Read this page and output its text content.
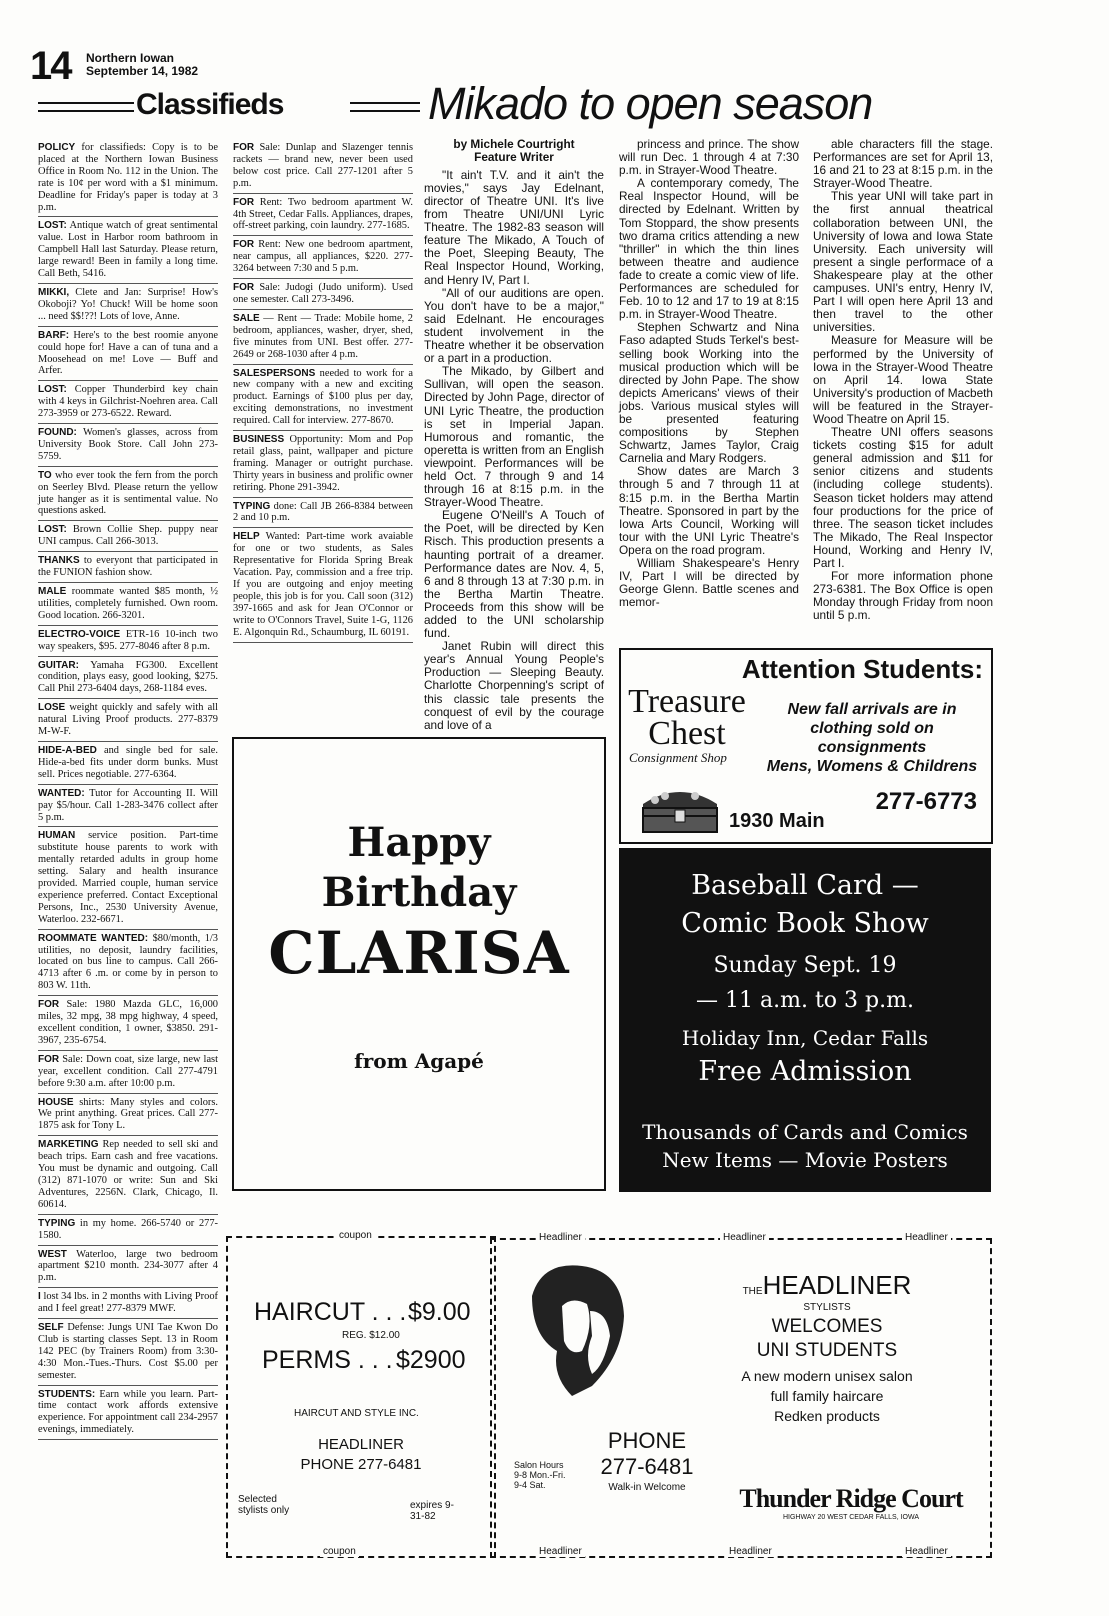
14 Northern Iowan
September 14, 1982
Classifieds	Mikado to open season
POLICY for classifieds: Copy is to be placed at the Northern Iowan Business Office in Room No. 112 in the Union. The rate is 10¢ per word with a $1 minimum. Deadline for Friday's paper is today at 3 p.m.
LOST: Antique watch of great sentimental value. Lost in Harbor room bathroom in Campbell Hall last Saturday. Please return, large reward! Been in family a long time. Call Beth, 5416.
MIKKI, Clete and Jan: Surprise! How's Okoboji? Yo! Chuck! Will be home soon ... need $$!??! Lots of love, Anne.
BARF: Here's to the best roomie anyone could hope for! Have a can of tuna and a Moosehead on me! Love — Buff and Arfer.
LOST: Copper Thunderbird key chain with 4 keys in Gilchrist-Noehren area. Call 273-3959 or 273-6522. Reward.
FOUND: Women's glasses, across from University Book Store. Call John 273-5759.
TO who ever took the fern from the porch on Seerley Blvd. Please return the yellow jute hanger as it is sentimental value. No questions asked.
LOST: Brown Collie Shep. puppy near UNI campus. Call 266-3013.
THANKS to everyont that participated in the FUNION fashion show.
MALE roommate wanted $85 month, ½ utilities, completely furnished. Own room. Good location. 266-3201.
ELECTRO-VOICE ETR-16 10-inch two way speakers, $95. 277-8046 after 8 p.m.
GUITAR: Yamaha FG300. Excellent condition, plays easy, good looking, $275. Call Phil 273-6404 days, 268-1184 eves.
LOSE weight quickly and safely with all natural Living Proof products. 277-8379 M-W-F.
HIDE-A-BED and single bed for sale. Hide-a-bed fits under dorm bunks. Must sell. Prices negotiable. 277-6364.
WANTED: Tutor for Accounting II. Will pay $5/hour. Call 1-283-3476 collect after 5 p.m.
HUMAN service position. Part-time substitute house parents to work with mentally retarded adults in group home setting. Salary and health insurance provided. Married couple, human service experience preferred. Contact Exceptional Persons, Inc., 2530 University Avenue, Waterloo. 232-6671.
ROOMMATE WANTED: $80/month, 1/3 utilities, no deposit, laundry facilities, located on bus line to campus. Call 266-4713 after 6 .m. or come by in person to 803 W. 11th.
FOR Sale: 1980 Mazda GLC, 16,000 miles, 32 mpg, 38 mpg highway, 4 speed, excellent condition, 1 owner, $3850. 291-3967, 235-6754.
FOR Sale: Down coat, size large, new last year, excellent condition. Call 277-4791 before 9:30 a.m. after 10:00 p.m.
HOUSE shirts: Many styles and colors. We print anything. Great prices. Call 277-1875 ask for Tony L.
MARKETING Rep needed to sell ski and beach trips. Earn cash and free vacations. You must be dynamic and outgoing. Call (312) 871-1070 or write: Sun and Ski Adventures, 2256N. Clark, Chicago, Il. 60614.
TYPING in my home. 266-5740 or 277-1580.
WEST Waterloo, large two bedroom apartment $210 month. 234-3077 after 4 p.m.
I lost 34 lbs. in 2 months with Living Proof and I feel great! 277-8379 MWF.
SELF Defense: Jungs UNI Tae Kwon Do Club is starting classes Sept. 13 in Room 142 PEC (by Trainers Room) from 3:30-4:30 Mon.-Tues.-Thurs. Cost $5.00 per semester.
STUDENTS: Earn while you learn. Part-time contact work affords extensive experience. For appointment call 234-2957 evenings, immediately.
FOR Sale: Dunlap and Slazenger tennis rackets — brand new, never been used below cost price. Call 277-1201 after 5 p.m.
FOR Rent: Two bedroom apartment W. 4th Street, Cedar Falls. Appliances, drapes, off-street parking, coin laundry. 277-1685.
FOR Rent: New one bedroom apartment, near campus, all appliances, $220. 277-3264 between 7:30 and 5 p.m.
FOR Sale: Judogi (Judo uniform). Used one semester. Call 273-3496.
SALE — Rent — Trade: Mobile home, 2 bedroom, appliances, washer, dryer, shed, five minutes from UNI. Best offer. 277-2649 or 268-1030 after 4 p.m.
SALESPERSONS needed to work for a new company with a new and exciting product. Earnings of $100 plus per day, exciting demonstrations, no investment required. Call for interview. 277-8670.
BUSINESS Opportunity: Mom and Pop retail glass, paint, wallpaper and picture framing. Manager or outright purchase. Thirty years in business and prolific owner retiring. Phone 291-3942.
TYPING done: Call JB 266-8384 between 2 and 10 p.m.
HELP Wanted: Part-time work avaiable for one or two students, as Sales Representative for Florida Spring Break Vacation. Pay, commission and a free trip. If you are outgoing and enjoy meeting people, this job is for you. Call soon (312) 397-1665 and ask for Jean O'Connor or write to O'Connors Travel, Suite 1-G, 1126 E. Algonquin Rd., Schaumburg, IL 60191.
by Michele Courtright
Feature Writer

"It ain't T.V. and it ain't the movies," says Jay Edelnant, director of Theatre UNI. It's live from Theatre UNI/UNI Lyric Theatre. The 1982-83 season will feature The Mikado, A Touch of the Poet, Sleeping Beauty, The Real Inspector Hound, Working, and Henry IV, Part I.

"All of our auditions are open. You don't have to be a major," said Edelnant. He encourages student involvement in the Theatre whether it be observation or a part in a production.

The Mikado, by Gilbert and Sullivan, will open the season. Directed by John Page, director of UNI Lyric Theatre, the production is set in Imperial Japan. Humorous and romantic, the operetta is written from an English viewpoint. Performances will be held Oct. 7 through 9 and 14 through 16 at 8:15 p.m. in the Strayer-Wood Theatre.

Eugene O'Neill's A Touch of the Poet, will be directed by Ken Risch. This production presents a haunting portrait of a dreamer. Performance dates are Nov. 4, 5, 6 and 8 through 13 at 7:30 p.m. in the Bertha Martin Theatre. Proceeds from this show will be added to the UNI scholarship fund.

Janet Rubin will direct this year's Annual Young People's Production — Sleeping Beauty. Charlotte Chorpenning's script of this classic tale presents the conquest of evil by the courage and love of a

princess and prince. The show will run Dec. 1 through 4 at 7:30 p.m. in Strayer-Wood Theatre.

A contemporary comedy, The Real Inspector Hound, will be directed by Edelnant. Written by Tom Stoppard, the show presents two drama critics attending a new "thriller" in which the thin lines between theatre and audience fade to create a comic view of life. Performances are scheduled for Feb. 10 to 12 and 17 to 19 at 8:15 p.m. in Strayer-Wood Theatre.

Stephen Schwartz and Nina Faso adapted Studs Terkel's best-selling book Working into the musical production which will be directed by John Pape. The show depicts Americans' views of their jobs. Various musical styles will be presented featuring compositions by Stephen Schwartz, James Taylor, Craig Carnelia and Mary Rodgers.

Show dates are March 3 through 5 and 7 through 11 at 8:15 p.m. in the Bertha Martin Theatre. Sponsored in part by the Iowa Arts Council, Working will tour with the UNI Lyric Theatre's Opera on the road program.

William Shakespeare's Henry IV, Part I will be directed by George Glenn. Battle scenes and memor-

able characters fill the stage. Performances are set for April 13, 16 and 21 to 23 at 8:15 p.m. in the Strayer-Wood Theatre.

This year UNI will take part in the first annual theatrical collaboration between UNI, the University of Iowa and Iowa State University. Each university will present a single performace of a Shakespeare play at the other campuses. UNI's entry, Henry IV, Part I will open here April 13 and then travel to the other universities.

Measure for Measure will be performed by the University of Iowa in the Strayer-Wood Theatre on April 14. Iowa State University's production of Macbeth will be featured in the Strayer-Wood Theatre on April 15.

Theatre UNI offers seasons tickets costing $15 for adult general admission and $11 for senior citizens and students (including college students). Season ticket holders may attend four productions for the price of three. The season ticket includes The Mikado, The Real Inspector Hound, Working and Henry IV, Part I.

For more information phone 273-6381. The Box Office is open Monday through Friday from noon until 5 p.m.

Attention Students:
Treasure
Chest
Consignment Shop
New fall arrivals are in
clothing sold on consignments
Mens, Womens & Childrens
277-6773
1930 Main
Happy
Birthday
CLARISA
from Agapé
Baseball Card —
Comic Book Show
Sunday Sept. 19
— 11 a.m. to 3 p.m.
Holiday Inn, Cedar Falls
Free Admission
Thousands of Cards and Comics
New Items — Movie Posters
coupon
coupon
HAIRCUT . . . $9.00
REG. $12.00
PERMS . . . $2900
HAIRCUT AND STYLE INC.
HEADLINER
PHONE 277-6481
Selected stylists only	expires 9-31-82
Headliner	Headliner	Headliner
Headliner	Headliner	Headliner
THEHEADLINER
STYLISTS
WELCOMES
UNI STUDENTS
A new modern unisex salon
full family haircare
Redken products
PHONE
277-6481
Walk-in Welcome
Salon Hours
9-8 Mon.-Fri.
9-4 Sat.	Thunder Ridge Court
HIGHWAY 20 WEST CEDAR FALLS, IOWA
